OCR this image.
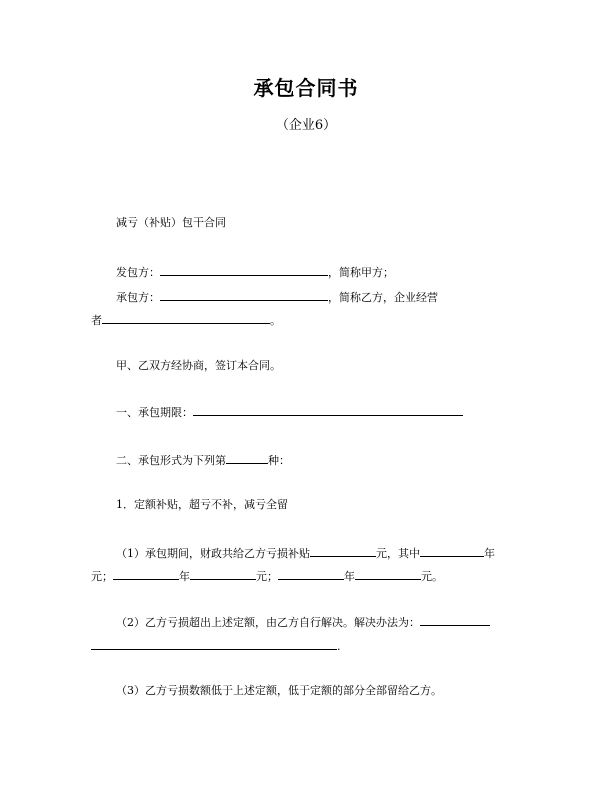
承包合同书
（企业6）
减亏（补贴）包干合同
发包方：	，简称甲方；
承包方：	，简称乙方，企业经营
者	。
甲、乙双方经协商，签订本合同。
一、承包期限：
二、承包形式为下列第	种：
1．定额补贴，超亏不补，减亏全留
（1）承包期间，财政共给乙方亏损补贴	元，其中	年
元；	年	元；	年	元。
（2）乙方亏损超出上述定额，由乙方自行解决。解决办法为：
.
（3）乙方亏损数额低于上述定额，低于定额的部分全部留给乙方。
